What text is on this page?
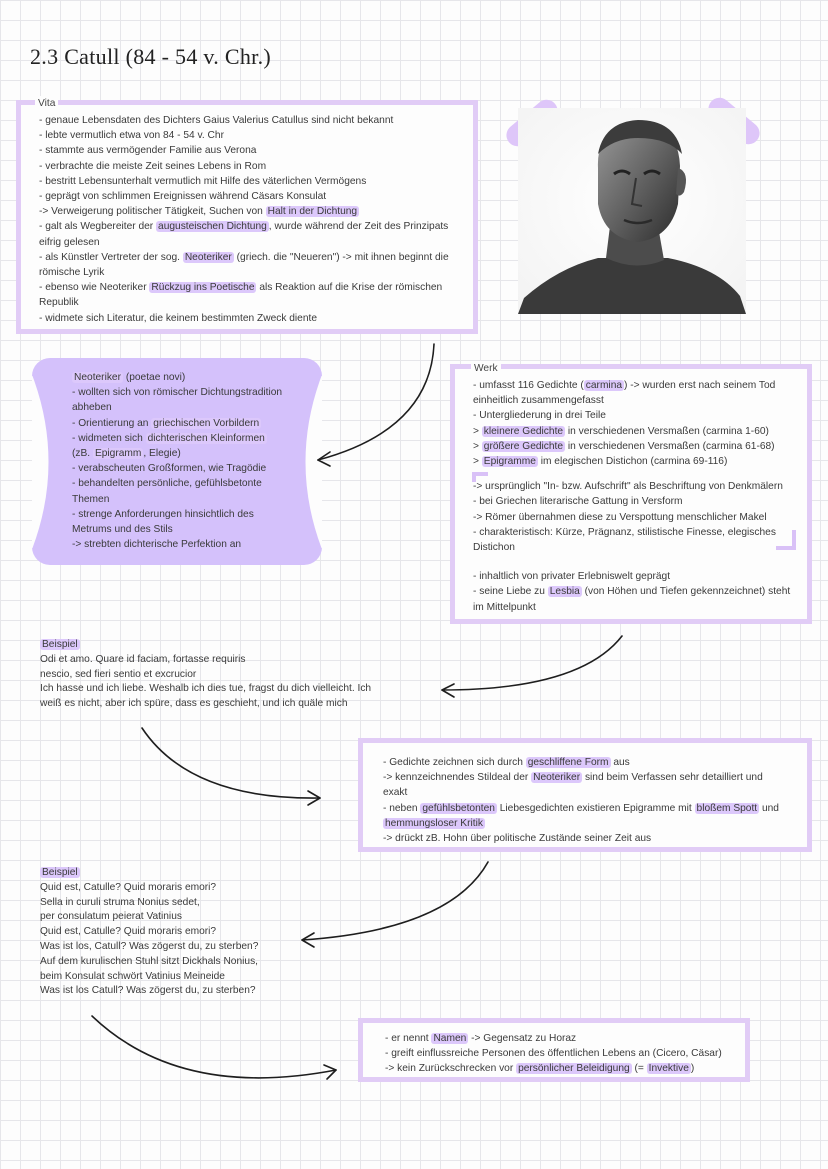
2.3 Catull (84 - 54 v. Chr.)
Vita

- genaue Lebensdaten des Dichters Gaius Valerius Catullus sind nicht bekannt

- lebte vermutlich etwa von 84 - 54 v. Chr

- stammte aus vermögender Familie aus Verona

- verbrachte die meiste Zeit seines Lebens in Rom

- bestritt Lebensunterhalt vermutlich mit Hilfe des väterlichen Vermögens

- geprägt von schlimmen Ereignissen während Cäsars Konsulat

-> Verweigerung politischer Tätigkeit, Suchen von Halt in der Dichtung

- galt als Wegbereiter der augusteischen Dichtung , wurde während der Zeit des Prinzipats

eifrig gelesen

- als Künstler Vertreter der sog. Neoteriker (griech. die "Neueren") -> mit ihnen beginnt die

römische Lyrik

- ebenso wie Neoteriker Rückzug ins Poetische als Reaktion auf die Krise der römischen

Republik

- widmete sich Literatur, die keinem bestimmten Zweck diente

Neoteriker (poetae novi)

- wollten sich von römischer Dichtungstradition

abheben

- Orientierung an griechischen Vorbildern

- widmeten sich dichterischen Kleinformen

(zB. Epigramm , Elegie)

- verabscheuten Großformen, wie Tragödie

- behandelten persönliche, gefühlsbetonte

Themen

- strenge Anforderungen hinsichtlich des

Metrums und des Stils

-> strebten dichterische Perfektion an

Werk

- umfasst 116 Gedichte ( carmina ) -> wurden erst nach seinem Tod

einheitlich zusammengefasst

- Untergliederung in drei Teile

> kleinere Gedichte in verschiedenen Versmaßen (carmina 1-60)

> größere Gedichte in verschiedenen Versmaßen (carmina 61-68)

> Epigramme im elegischen Distichon (carmina 69-116)

-> ursprünglich "In- bzw. Aufschrift" als Beschriftung von Denkmälern

- bei Griechen literarische Gattung in Versform

-> Römer übernahmen diese zu Verspottung menschlicher Makel

- charakteristisch: Kürze, Prägnanz, stilistische Finesse, elegisches

Distichon

- inhaltlich von privater Erlebniswelt geprägt

- seine Liebe zu Lesbia (von Höhen und Tiefen gekennzeichnet) steht

im Mittelpunkt

Beispiel

Odi et amo. Quare id faciam, fortasse requiris

nescio, sed fieri sentio et excrucior

Ich hasse und ich liebe. Weshalb ich dies tue, fragst du dich vielleicht. Ich

weiß es nicht, aber ich spüre, dass es geschieht, und ich quäle mich

- Gedichte zeichnen sich durch geschliffene Form aus

-> kennzeichnendes Stildeal der Neoteriker sind beim Verfassen sehr detailliert und

exakt

- neben gefühlsbetonten Liebesgedichten existieren Epigramme mit bloßem Spott und

hemmungsloser Kritik

-> drückt zB. Hohn über politische Zustände seiner Zeit aus

Beispiel

Quid est, Catulle? Quid moraris emori?

Sella in curuli struma Nonius sedet,

per consulatum peierat Vatinius

Quid est, Catulle? Quid moraris emori?

Was ist los, Catull? Was zögerst du, zu sterben?

Auf dem kurulischen Stuhl sitzt Dickhals Nonius,

beim Konsulat schwört Vatinius Meineide

Was ist los Catull? Was zögerst du, zu sterben?

- er nennt Namen -> Gegensatz zu Horaz

- greift einflussreiche Personen des öffentlichen Lebens an (Cicero, Cäsar)

-> kein Zurückschrecken vor persönlicher Beleidigung (= Invektive )
